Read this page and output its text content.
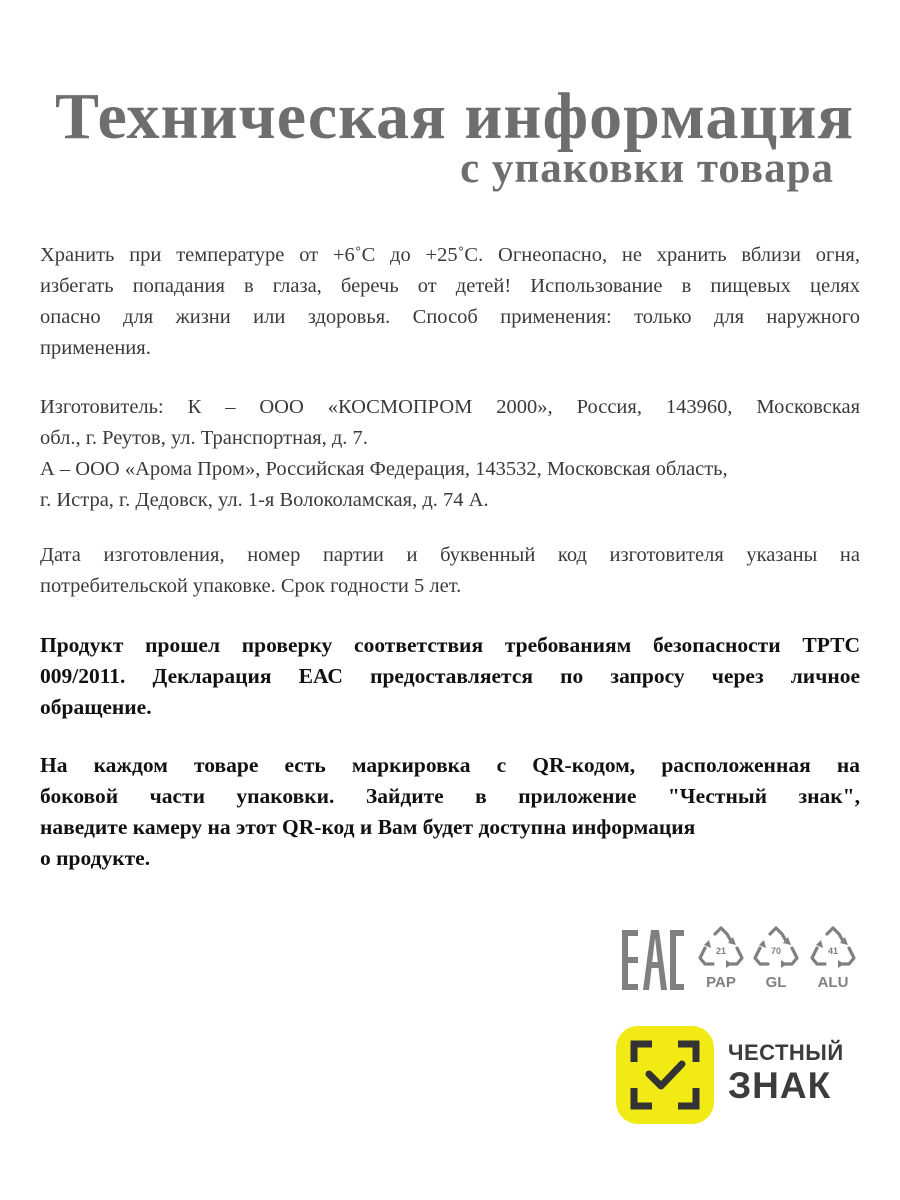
Техническая информация
с упаковки товара

Хранить при температуре от +6˚С до +25˚С. Огнеопасно, не хранить вблизи огня,
избегать попадания в глаза, беречь от детей! Использование в пищевых целях
опасно для жизни или здоровья. Способ применения: только для наружного
применения.

Изготовитель: К – ООО «КОСМОПРОМ 2000», Россия, 143960, Московская
обл., г. Реутов, ул. Транспортная, д. 7.
А – ООО «Арома Пром», Российская Федерация, 143532, Московская область,
г. Истра, г. Дедовск, ул. 1-я Волоколамская, д. 74 А.

Дата изготовления, номер партии и буквенный код изготовителя указаны на
потребительской упаковке. Срок годности 5 лет.

Продукт прошел проверку соответствия требованиям безопасности ТРТС
009/2011. Декларация ЕАС предоставляется по запросу через личное
обращение.

На каждом товаре есть маркировка с QR-кодом, расположенная на
боковой части упаковки. Зайдите в приложение "Честный знак",
наведите камеру на этот QR-код и Вам будет доступна информация
о продукте.

21
PAP
70
GL
41
ALU
ЧЕСТНЫЙ
ЗНАК
